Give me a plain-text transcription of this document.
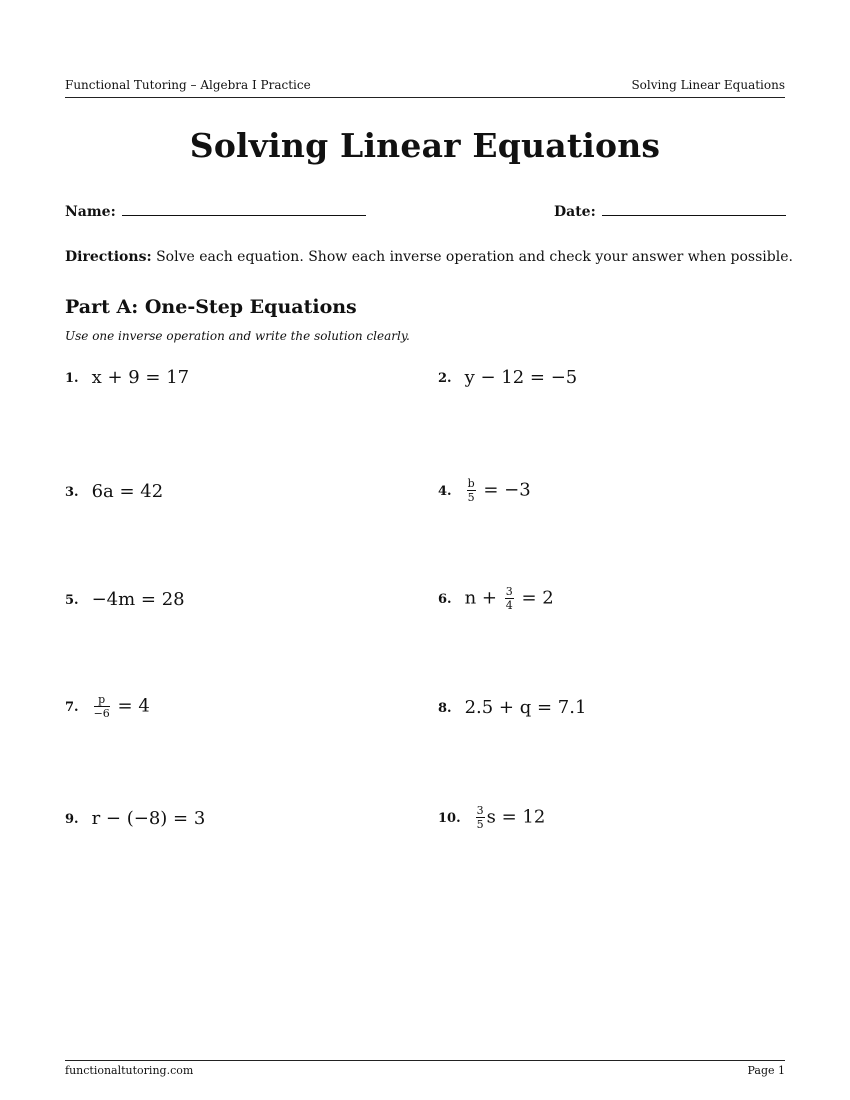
Functional Tutoring – Algebra I Practice	Solving Linear Equations
Solving Linear Equations
Name:	Date:
Directions: Solve each equation. Show each inverse operation and check your answer when possible.
Part A: One-Step Equations
Use one inverse operation and write the solution clearly.
1. x + 9 = 17	2. y − 12 = −5
3. 6a = 42	4. $\frac{b}{5} = -3$
5. −4m = 28	6. $n + \frac{3}{4} = 2$
7. $\frac{p}{-6} = 4$	8. 2.5 + q = 7.1
9. r − (−8) = 3	10. $\frac{3}{5}$ s = 12
functionaltutoring.com	Page 1
